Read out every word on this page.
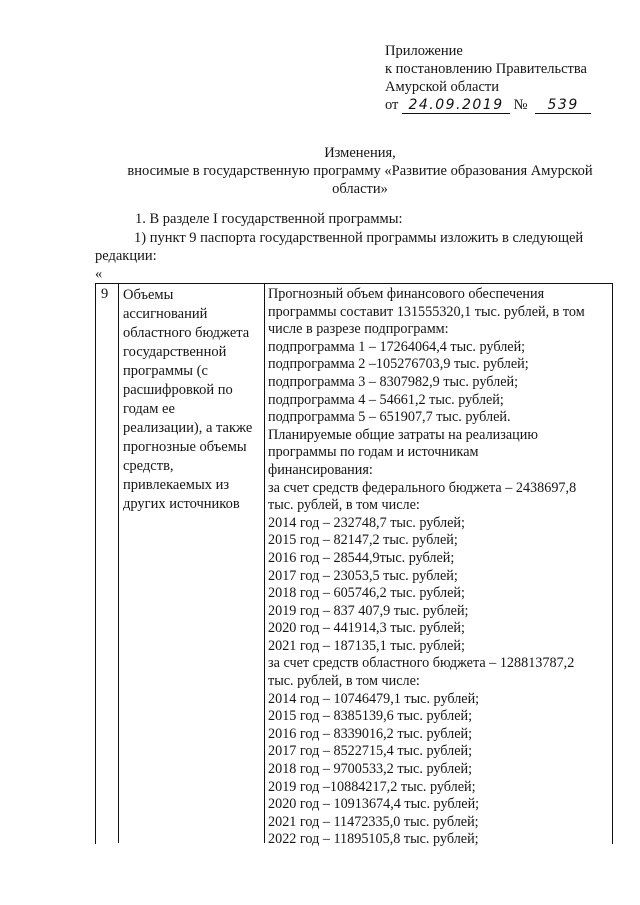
Приложение
к постановлению Правительства
Амурской области
от 24.09.2019 № 539
Изменения,
вносимые в государственную программу «Развитие образования Амурской
области»
1. В разделе I государственной программы:
1) пункт 9 паспорта государственной программы изложить в следующей
редакции:
«
9 Объемы
ассигнований
областного бюджета
государственной
программы (с
расшифровкой по
годам ее
реализации), а также
прогнозные объемы
средств,
привлекаемых из
других источников
Прогнозный объем финансового обеспечения
программы составит 131555320,1 тыс. рублей, в том
числе в разрезе подпрограмм:
подпрограмма 1 – 17264064,4 тыс. рублей;
подпрограмма 2 –105276703,9 тыс. рублей;
подпрограмма 3 – 8307982,9 тыс. рублей;
подпрограмма 4 – 54661,2 тыс. рублей;
подпрограмма 5 – 651907,7 тыс. рублей.
Планируемые общие затраты на реализацию
программы по годам и источникам
финансирования:
за счет средств федерального бюджета – 2438697,8
тыс. рублей, в том числе:
2014 год – 232748,7 тыс. рублей;
2015 год – 82147,2 тыс. рублей;
2016 год – 28544,9тыс. рублей;
2017 год – 23053,5 тыс. рублей;
2018 год – 605746,2 тыс. рублей;
2019 год – 837 407,9 тыс. рублей;
2020 год – 441914,3 тыс. рублей;
2021 год – 187135,1 тыс. рублей;
за счет средств областного бюджета – 128813787,2
тыс. рублей, в том числе:
2014 год – 10746479,1 тыс. рублей;
2015 год – 8385139,6 тыс. рублей;
2016 год – 8339016,2 тыс. рублей;
2017 год – 8522715,4 тыс. рублей;
2018 год – 9700533,2 тыс. рублей;
2019 год –10884217,2 тыс. рублей;
2020 год – 10913674,4 тыс. рублей;
2021 год – 11472335,0 тыс. рублей;
2022 год – 11895105,8 тыс. рублей;
